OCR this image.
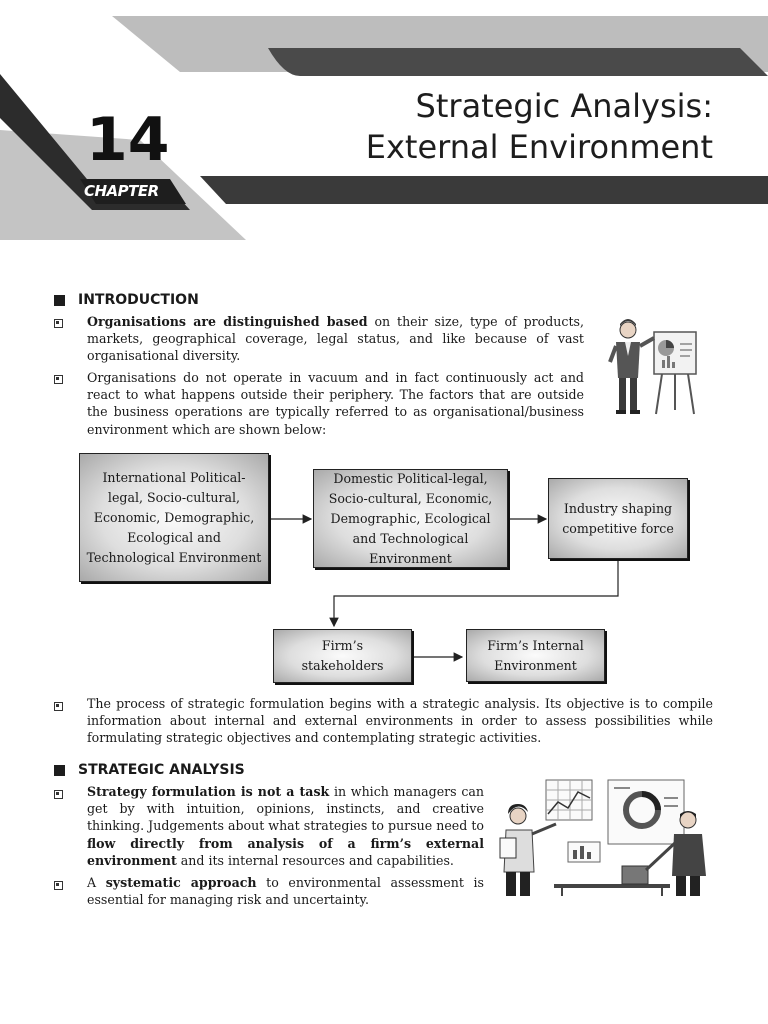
14
CHAPTER
Strategic Analysis:
External Environment
INTRODUCTION
Organisations are distinguished based on their size, type of products, markets, geographical coverage, legal status, and like because of vast organisational diversity.
Organisations do not operate in vacuum and in fact continuously act and react to what happens outside their periphery. The factors that are outside the business operations are typically referred to as organisational/business environment which are shown below:
International Political-legal, Socio-cultural, Economic, Demographic, Ecological and Technological Environment
Domestic Political-legal, Socio-cultural, Economic, Demographic, Ecological and Technological Environment
Industry shaping competitive force
Firm’s stakeholders
Firm’s Internal Environment
The process of strategic formulation begins with a strategic analysis. Its objective is to compile information about internal and external environments in order to assess possibilities while formulating strategic objectives and contemplating strategic activities.
STRATEGIC ANALYSIS
Strategy formulation is not a task in which managers can get by with intuition, opinions, instincts, and creative thinking. Judgements about what strategies to pursue need to flow directly from analysis of a firm’s external environment and its internal resources and capabilities.
A systematic approach to environmental assessment is essential for managing risk and uncertainty.
